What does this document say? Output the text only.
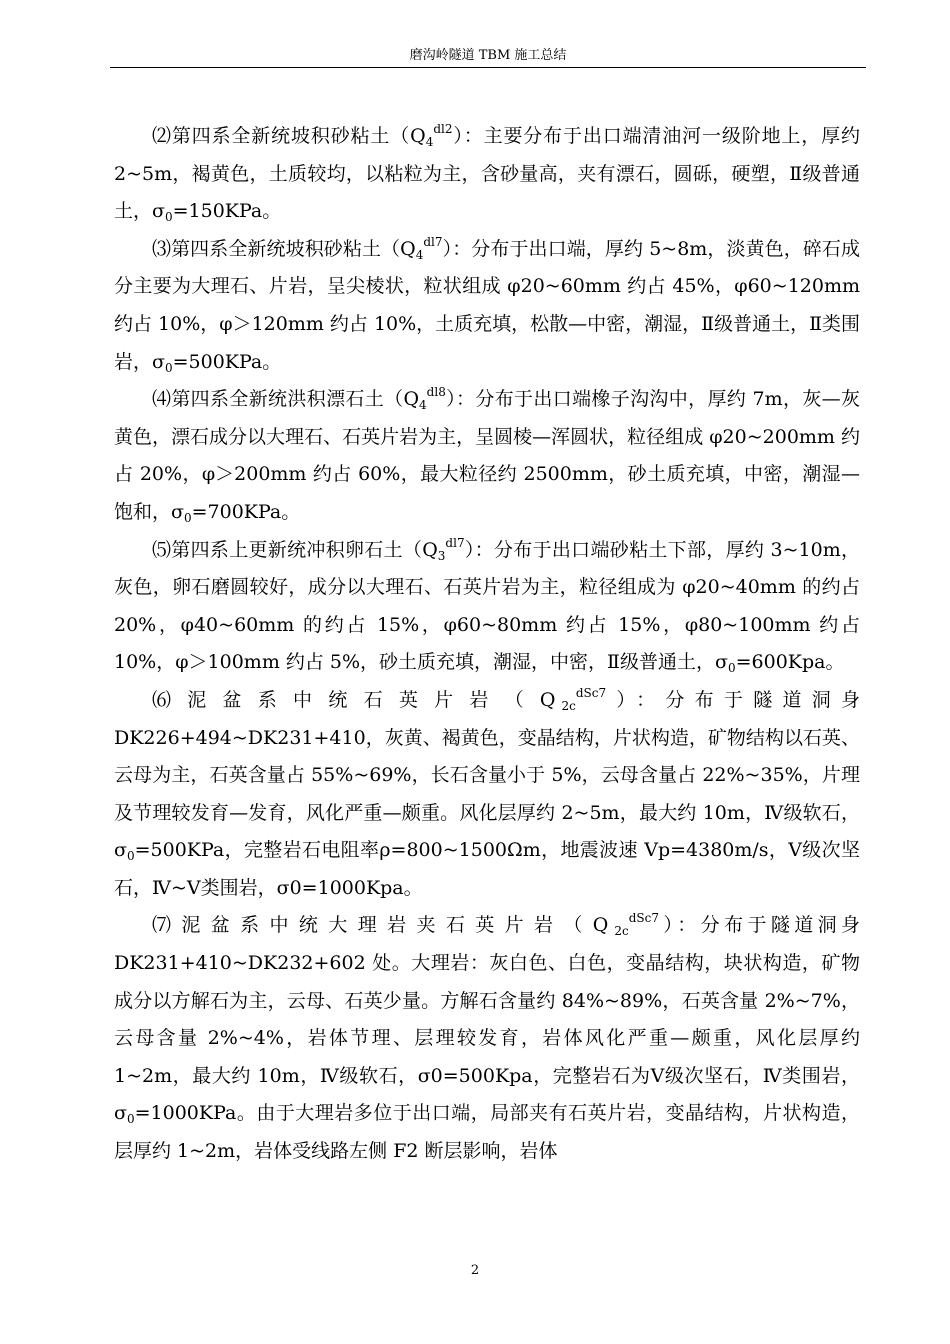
磨沟岭隧道 TBM 施工总结

⑵第四系全新统坡积砂粘土$(Q_4^{dl2})$：主要分布于出口端清油河一级阶地上，厚约 2~5m，褐黄色，土质较均，以粘粒为主，含砂量高，夹有漂石，圆砾，硬塑，Ⅱ级普通土，$\sigma_0=150KPa$。

⑶第四系全新统坡积砂粘土$(Q_4^{dl7})$：分布于出口端，厚约 5~8m，淡黄色，碎石成分主要为大理石、片岩，呈尖棱状，粒状组成 φ20~60mm 约占 45%，φ60~120mm 约占 10%，φ＞120mm 约占 10%，土质充填，松散—中密，潮湿，Ⅱ级普通土，Ⅱ类围岩，$\sigma_0=500KPa$。

⑷第四系全新统洪积漂石土$(Q_4^{dl8})$：分布于出口端橡子沟沟中，厚约 7m，灰—灰黄色，漂石成分以大理石、石英片岩为主，呈圆棱—浑圆状，粒径组成 φ20~200mm 约占 20%，φ＞200mm 约占 60%，最大粒径约 2500mm，砂土质充填，中密，潮湿—饱和，$\sigma_0=700KPa$。

⑸第四系上更新统冲积卵石土$(Q_3^{dl7})$：分布于出口端砂粘土下部，厚约 3~10m，灰色，卵石磨圆较好，成分以大理石、石英片岩为主，粒径组成为 φ20~40mm 的约占 20%，φ40~60mm 的约占 15%，φ60~80mm 约占 15%，φ80~100mm 约占 10%，φ＞100mm 约占 5%，砂土质充填，潮湿，中密，Ⅱ级普通土，$\sigma_0=600Kpa$。

⑹泥盆系中统石英片岩$(Q_{2c}^{dSc7})$：分布于隧道洞身 DK226+494~DK231+410，灰黄、褐黄色，变晶结构，片状构造，矿物结构以石英、云母为主，石英含量占 55%~69%，长石含量小于 5%，云母含量占 22%~35%，片理及节理较发育—发育，风化严重—颇重。风化层厚约 2~5m，最大约 10m，Ⅳ级软石，$\sigma_0=500KPa$，完整岩石电阻率ρ=800~1500Ωm，地震波速 Vp=4380m/s，Ⅴ级次坚石，Ⅳ~Ⅴ类围岩，σ0=1000Kpa。

⑺泥盆系中统大理岩夹石英片岩$(Q_{2c}^{dSc7})$：分布于隧道洞身 DK231+410~DK232+602 处。大理岩：灰白色、白色，变晶结构，块状构造，矿物成分以方解石为主，云母、石英少量。方解石含量约 84%~89%，石英含量 2%~7%，云母含量 2%~4%，岩体节理、层理较发育，岩体风化严重—颇重，风化层厚约 1~2m，最大约 10m，Ⅳ级软石，σ0=500Kpa，完整岩石为Ⅴ级次坚石，Ⅳ类围岩，$\sigma_0=1000KPa$。由于大理岩多位于出口端，局部夹有石英片岩，变晶结构，片状构造，层厚约 1~2m，岩体受线路左侧 F2 断层影响，岩体

2
